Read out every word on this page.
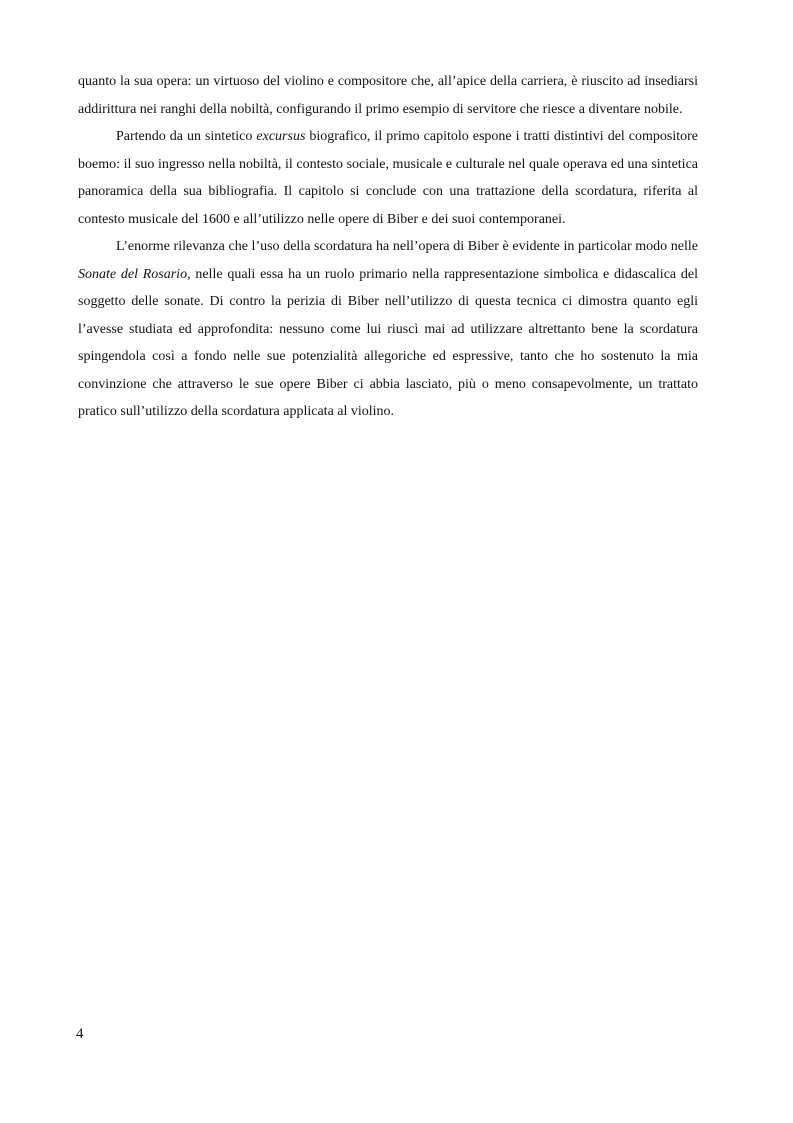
quanto la sua opera: un virtuoso del violino e compositore che, all’apice della carriera, è riuscito ad insediarsi addirittura nei ranghi della nobiltà, configurando il primo esempio di servitore che riesce a diventare nobile.

Partendo da un sintetico excursus biografico, il primo capitolo espone i tratti distintivi del compositore boemo: il suo ingresso nella nobiltà, il contesto sociale, musicale e culturale nel quale operava ed una sintetica panoramica della sua bibliografia. Il capitolo si conclude con una trattazione della scordatura, riferita al contesto musicale del 1600 e all’utilizzo nelle opere di Biber e dei suoi contemporanei.

L’enorme rilevanza che l’uso della scordatura ha nell’opera di Biber è evidente in particolar modo nelle Sonate del Rosario, nelle quali essa ha un ruolo primario nella rappresentazione simbolica e didascalica del soggetto delle sonate. Di contro la perizia di Biber nell’utilizzo di questa tecnica ci dimostra quanto egli l’avesse studiata ed approfondita: nessuno come lui riuscì mai ad utilizzare altrettanto bene la scordatura spingendola così a fondo nelle sue potenzialità allegoriche ed espressive, tanto che ho sostenuto la mia convinzione che attraverso le sue opere Biber ci abbia lasciato, più o meno consapevolmente, un trattato pratico sull’utilizzo della scordatura applicata al violino.

4
